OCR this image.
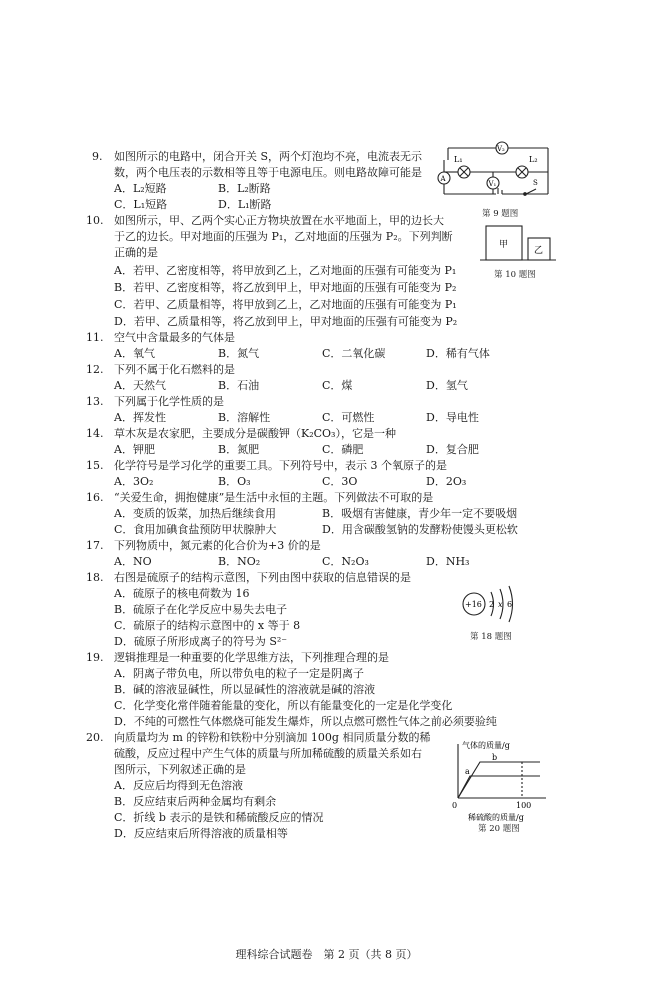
9. 如图所示的电路中，闭合开关 S，两个灯泡均不亮，电流表无示
数，两个电压表的示数相等且等于电源电压。则电路故障可能是
A．L₂短路	B．L₂断路
C．L₁短路	D．L₁断路
10. 如图所示，甲、乙两个实心正方物块放置在水平地面上，甲的边长大
于乙的边长。甲对地面的压强为 P₁，乙对地面的压强为 P₂。下列判断
正确的是
A．若甲、乙密度相等，将甲放到乙上，乙对地面的压强有可能变为 P₁
B．若甲、乙密度相等，将乙放到甲上，甲对地面的压强有可能变为 P₂
C．若甲、乙质量相等，将甲放到乙上，乙对地面的压强有可能变为 P₁
D．若甲、乙质量相等，将乙放到甲上，甲对地面的压强有可能变为 P₂
11. 空气中含量最多的气体是
A．氧气	B．氮气	C．二氧化碳	D．稀有气体
12. 下列不属于化石燃料的是
A．天然气	B．石油	C．煤	D．氢气
13. 下列属于化学性质的是
A．挥发性	B．溶解性	C．可燃性	D．导电性
14. 草木灰是农家肥，主要成分是碳酸钾（K₂CO₃），它是一种
A．钾肥	B．氮肥	C．磷肥	D．复合肥
15. 化学符号是学习化学的重要工具。下列符号中，表示 3 个氧原子的是
A．3O₂	B．O₃	C．3O	D．2O₃
16. “关爱生命，拥抱健康”是生活中永恒的主题。下列做法不可取的是
A．变质的饭菜，加热后继续食用	B．吸烟有害健康，青少年一定不要吸烟
C．食用加碘食盐预防甲状腺肿大	D．用含碳酸氢钠的发酵粉使馒头更松软
17. 下列物质中，氮元素的化合价为+3 价的是
A．NO	B．NO₂	C．N₂O₃	D．NH₃
18. 右图是硫原子的结构示意图，下列由图中获取的信息错误的是
A．硫原子的核电荷数为 16
B．硫原子在化学反应中易失去电子
C．硫原子的结构示意图中的 x 等于 8
D．硫原子所形成离子的符号为 S²⁻
19. 逻辑推理是一种重要的化学思维方法，下列推理合理的是
A．阴离子带负电，所以带负电的粒子一定是阴离子
B．碱的溶液显碱性，所以显碱性的溶液就是碱的溶液
C．化学变化常伴随着能量的变化，所以有能量变化的一定是化学变化
D．不纯的可燃性气体燃烧可能发生爆炸，所以点燃可燃性气体之前必须要验纯
20. 向质量均为 m 的锌粉和铁粉中分别滴加 100g 相同质量分数的稀
硫酸，反应过程中产生气体的质量与所加稀硫酸的质量关系如右
图所示，下列叙述正确的是
A．反应后均得到无色溶液
B．反应结束后两种金属均有剩余
C．折线 b 表示的是铁和稀硫酸反应的情况
D．反应结束后所得溶液的质量相等
L₁	L₂
V₂
A
V₁	S
第 9 题图
甲
乙
第 10 题图
+16 2 x 6
第 18 题图
气体的质量/g
b
a
0	100
稀硫酸的质量/g
第 20 题图
理科综合试题卷　第 2 页（共 8 页）
